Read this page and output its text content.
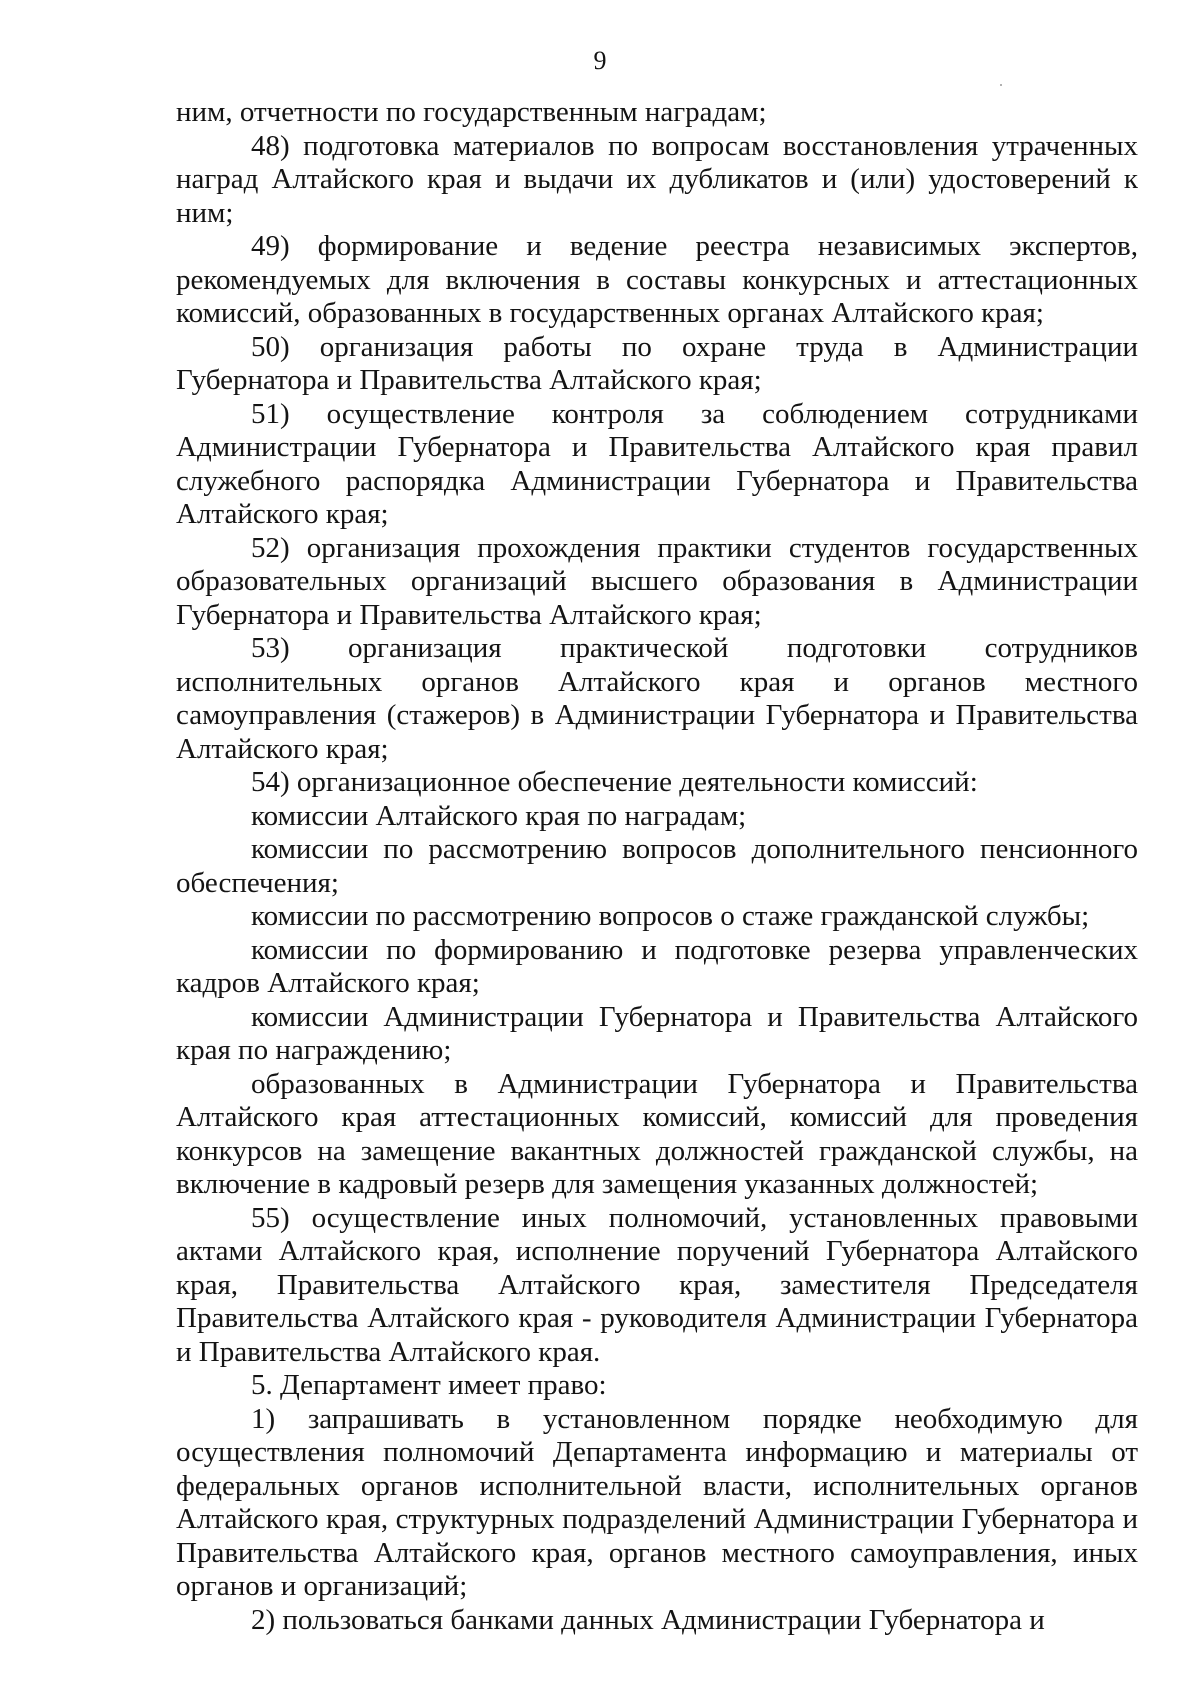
9

ним, отчетности по государственным наградам;

48) подготовка материалов по вопросам восстановления утраченных наград Алтайского края и выдачи их дубликатов и (или) удостоверений к ним;

49) формирование и ведение реестра независимых экспертов, рекомендуемых для включения в составы конкурсных и аттестационных комиссий, образованных в государственных органах Алтайского края;

50) организация работы по охране труда в Администрации Губернатора и Правительства Алтайского края;

51) осуществление контроля за соблюдением сотрудниками Администрации Губернатора и Правительства Алтайского края правил служебного распорядка Администрации Губернатора и Правительства Алтайского края;

52) организация прохождения практики студентов государственных образовательных организаций высшего образования в Администрации Губернатора и Правительства Алтайского края;

53) организация практической подготовки сотрудников исполнительных органов Алтайского края и органов местного самоуправления (стажеров) в Администрации Губернатора и Правительства Алтайского края;

54) организационное обеспечение деятельности комиссий:

комиссии Алтайского края по наградам;

комиссии по рассмотрению вопросов дополнительного пенсионного обеспечения;

комиссии по рассмотрению вопросов о стаже гражданской службы;

комиссии по формированию и подготовке резерва управленческих кадров Алтайского края;

комиссии Администрации Губернатора и Правительства Алтайского края по награждению;

образованных в Администрации Губернатора и Правительства Алтайского края аттестационных комиссий, комиссий для проведения конкурсов на замещение вакантных должностей гражданской службы, на включение в кадровый резерв для замещения указанных должностей;

55) осуществление иных полномочий, установленных правовыми актами Алтайского края, исполнение поручений Губернатора Алтайского края, Правительства Алтайского края, заместителя Председателя Правительства Алтайского края - руководителя Администрации Губернатора и Правительства Алтайского края.

5. Департамент имеет право:

1) запрашивать в установленном порядке необходимую для осуществления полномочий Департамента информацию и материалы от федеральных органов исполнительной власти, исполнительных органов Алтайского края, структурных подразделений Администрации Губернатора и Правительства Алтайского края, органов местного самоуправления, иных органов и организаций;

2) пользоваться банками данных Администрации Губернатора и
